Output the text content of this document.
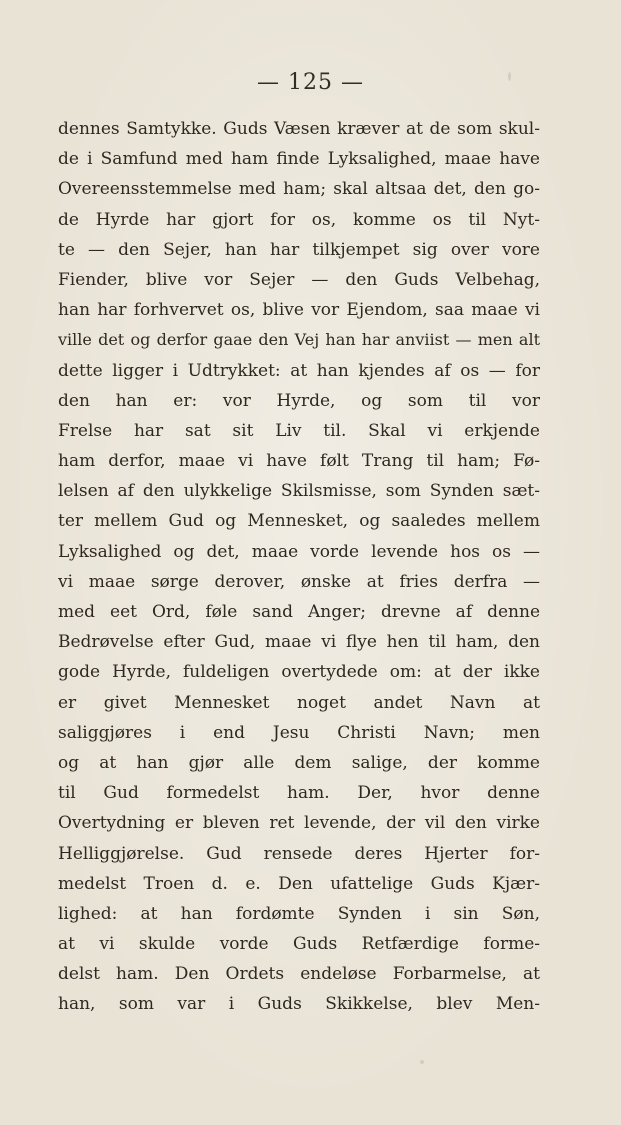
— 125 —
dennes Samtykke. Guds Væsen kræver at de som skul-
de i Samfund med ham finde Lyksalighed, maae have
Overeensstemmelse med ham; skal altsaa det, den go-
de Hyrde har gjort for os, komme os til Nyt-
te — den Sejer, han har tilkjempet sig over vore
Fiender, blive vor Sejer — den Guds Velbehag,
han har forhvervet os, blive vor Ejendom, saa maae vi
ville det og derfor gaae den Vej han har anviist — men alt
dette ligger i Udtrykket: at han kjendes af os — for
den han er: vor Hyrde, og som til vor
Frelse har sat sit Liv til. Skal vi erkjende
ham derfor, maae vi have følt Trang til ham; Fø-
lelsen af den ulykkelige Skilsmisse, som Synden sæt-
ter mellem Gud og Mennesket, og saaledes mellem
Lyksalighed og det, maae vorde levende hos os —
vi maae sørge derover, ønske at fries derfra —
med eet Ord, føle sand Anger; drevne af denne
Bedrøvelse efter Gud, maae vi flye hen til ham, den
gode Hyrde, fuldeligen overtydede om: at der ikke
er givet Mennesket noget andet Navn at
saliggjøres i end Jesu Christi Navn; men
og at han gjør alle dem salige, der komme
til Gud formedelst ham. Der, hvor denne
Overtydning er bleven ret levende, der vil den virke
Helliggjørelse. Gud rensede deres Hjerter for-
medelst Troen d. e. Den ufattelige Guds Kjær-
lighed: at han fordømte Synden i sin Søn,
at vi skulde vorde Guds Retfærdige forme-
delst ham. Den Ordets endeløse Forbarmelse, at
han, som var i Guds Skikkelse, blev Men-
